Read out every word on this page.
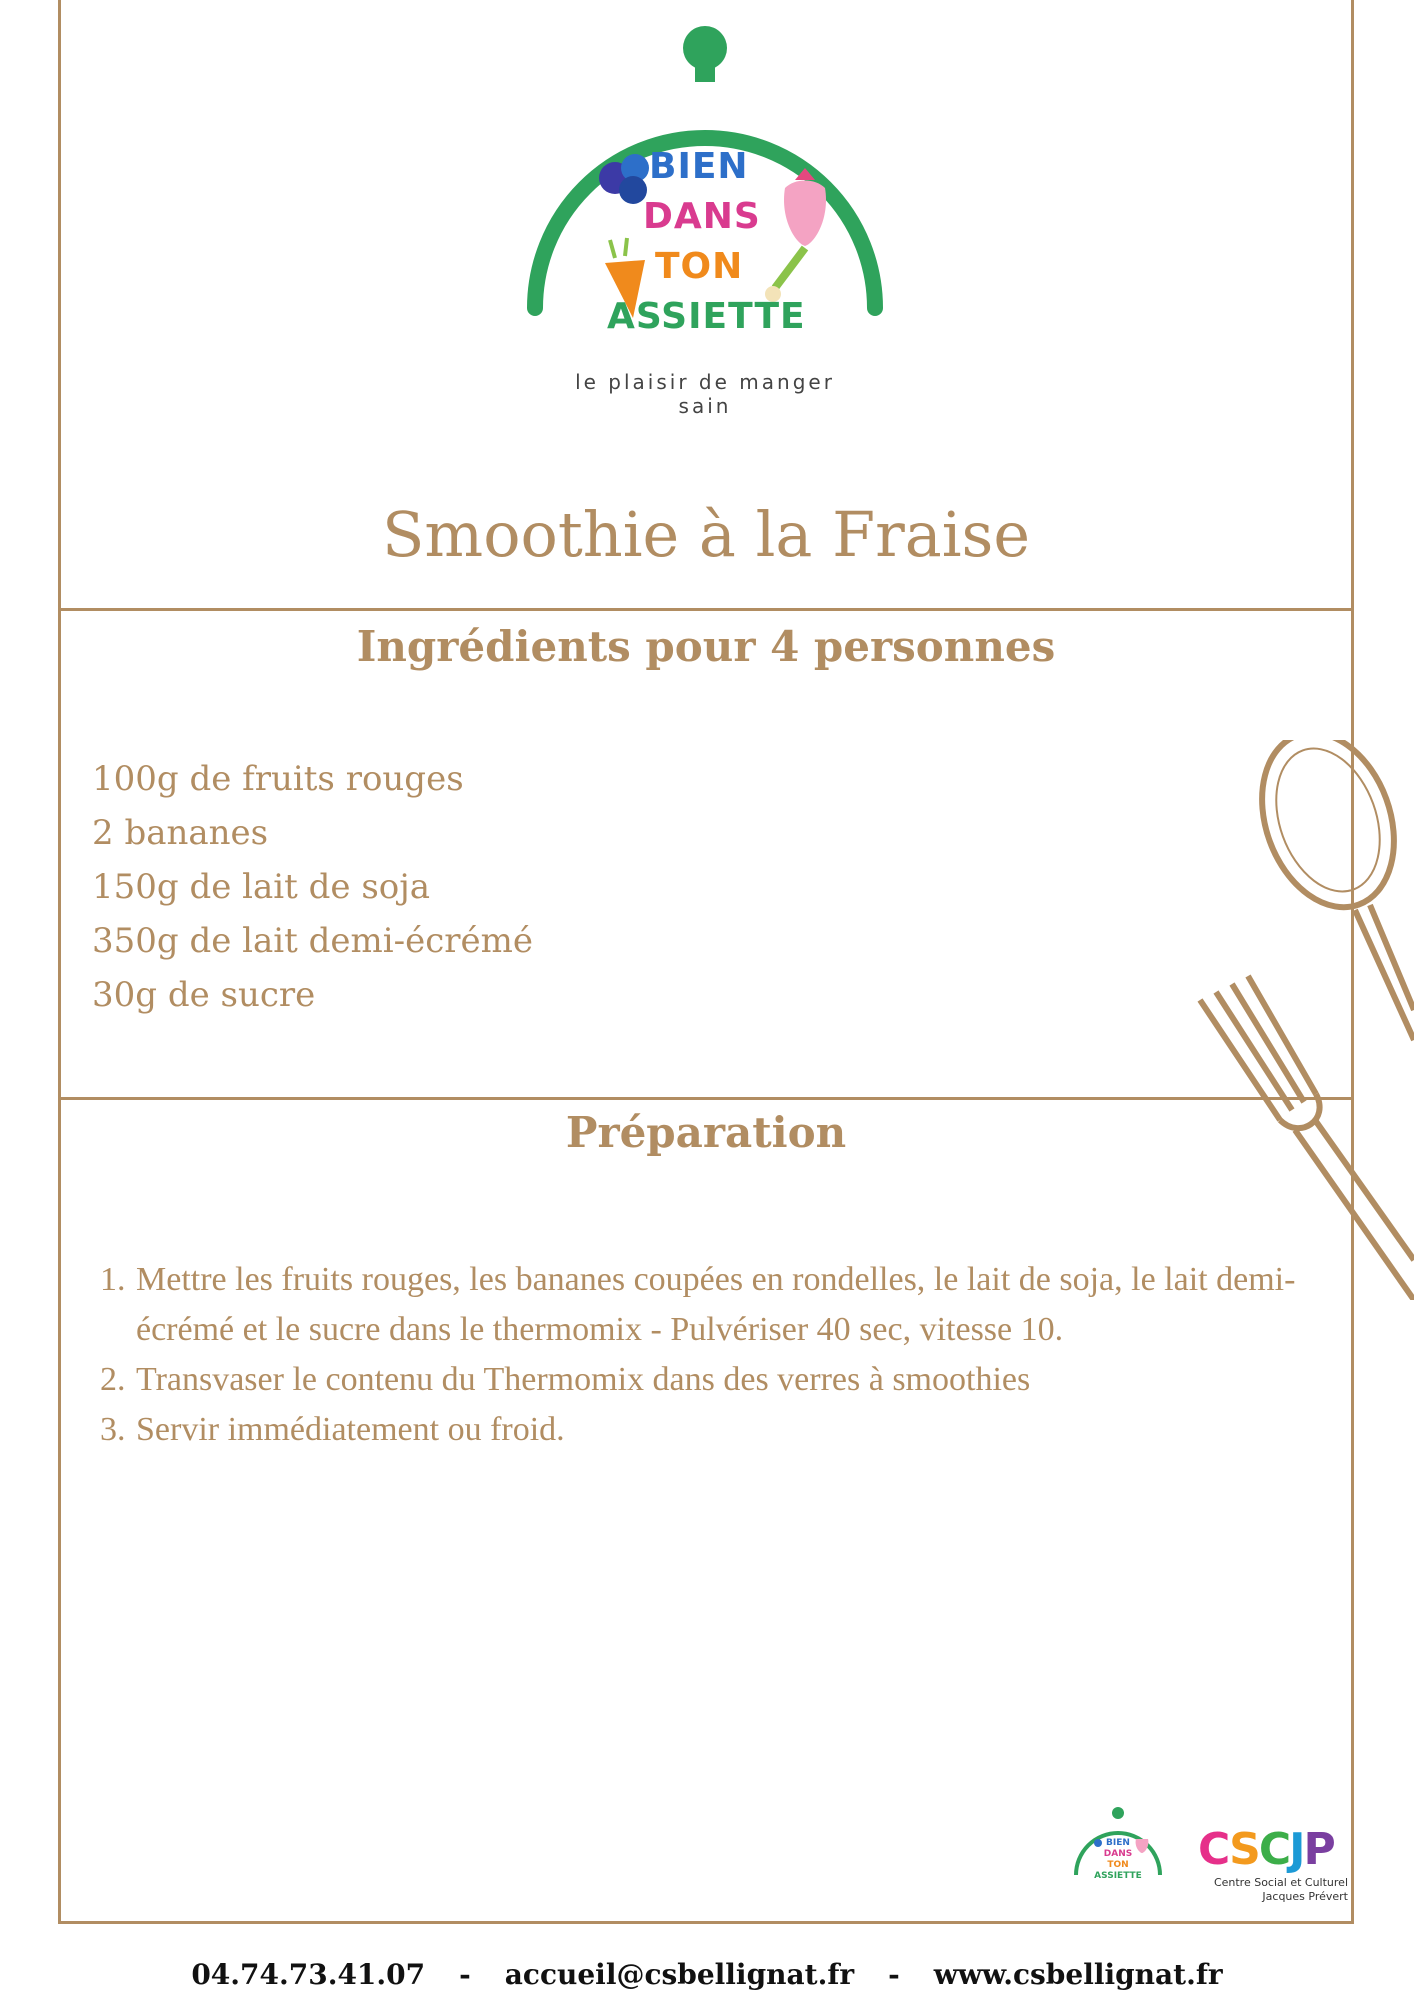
BIEN
DANS
TON
ASSIETTE
le plaisir de manger sain
Smoothie à la Fraise
Ingrédients pour 4 personnes
100g de fruits rouges
2 bananes
150g de lait de soja
350g de lait demi-écrémé
30g de sucre
Préparation
1. Mettre les fruits rouges, les bananes coupées en rondelles, le lait de soja, le lait demi-écrémé et le sucre dans le thermomix - Pulvériser 40 sec, vitesse 10.
2. Transvaser le contenu du Thermomix dans des verres à smoothies
3. Servir immédiatement ou froid.
BIEN
DANS
TON
ASSIETTE
CSCJP
Centre Social et Culturel
Jacques Prévert
04.74.73.41.07 - accueil@csbellignat.fr - www.csbellignat.fr
